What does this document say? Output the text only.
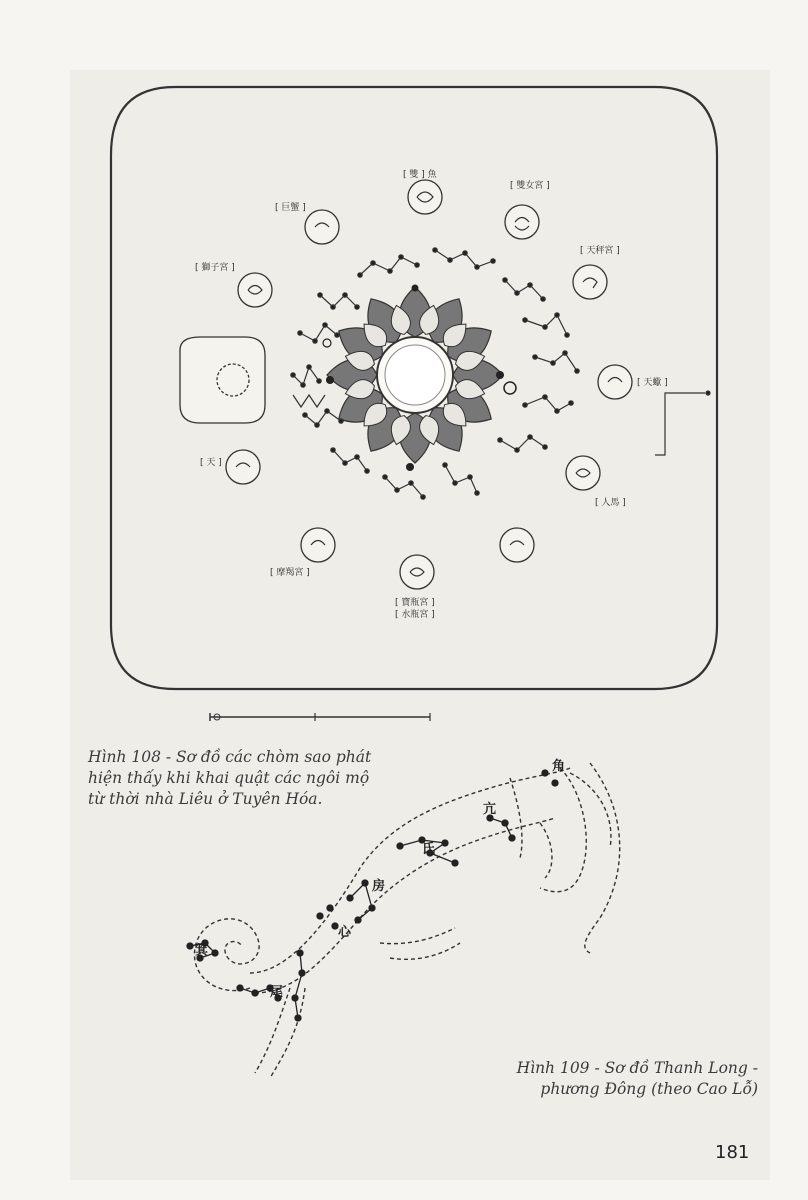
[ 雙 ] 魚
[ 雙女宮 ]
[ 天秤宮 ]
[ 天蠍 ]
[ 人馬 ]
[ 寶瓶宮 ]
[ 水瓶宮 ]
[ 摩羯宮 ]
[ 天 ]
[ 獅子宮 ]
[ 巨蟹 ]
Hình 108 - Sơ đồ các chòm sao phát
hiện thấy khi khai quật các ngôi mộ
từ thời nhà Liêu ở Tuyên Hóa.
角
亢
氐
房
心
尾
箕
Hình 109 - Sơ đồ Thanh Long -
phương Đông (theo Cao Lỗ)
181
